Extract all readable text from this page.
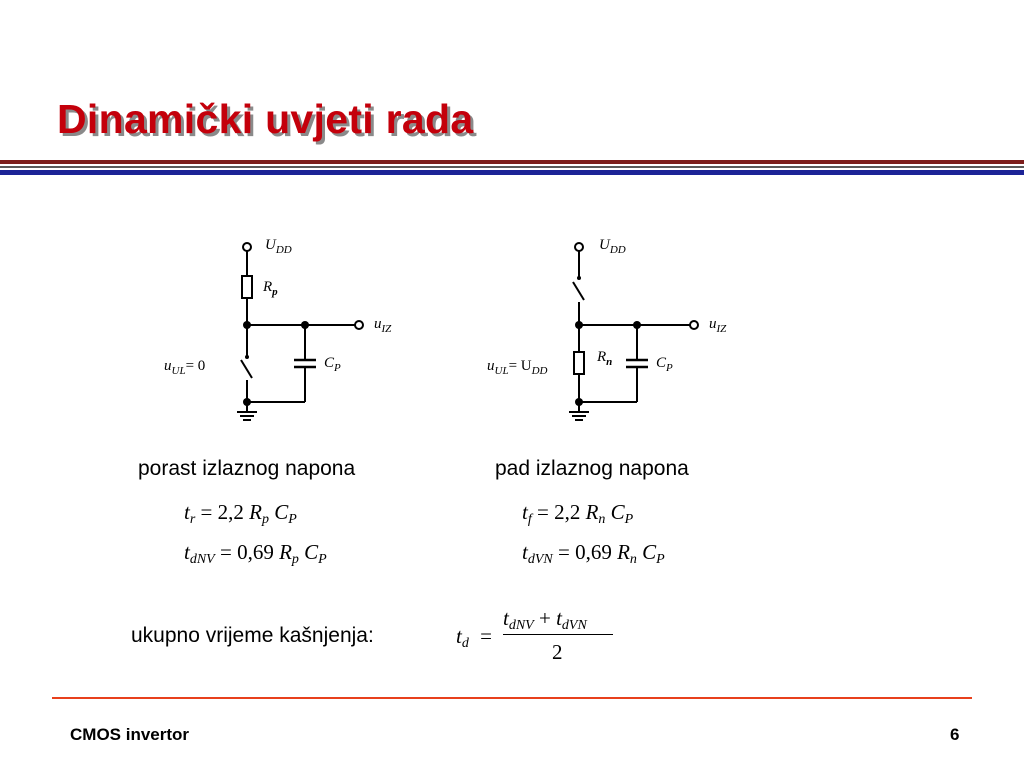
Dinamički uvjeti rada
$U_{DD}$
$R_p$
$u_{IZ}$
$C_P$
$u_{UL}= 0$
$U_{DD}$
$R_n$
$u_{IZ}$
$C_P$
$u_{UL}= U_{DD}$
porast izlaznog napona	pad izlaznog napona
$t_r = 2,2$ $R_p$ $C_P$
$t_{dNV} = 0,69$ $R_p$ $C_P$
$t_f = 2,2$ $R_n$ $C_P$
$t_{dVN} = 0,69$ $R_n$ $C_P$
ukupno vrijeme kašnjenja:	$t_d$ =
$t_{dNV} + t_{dVN}$
2
CMOS invertor	6
